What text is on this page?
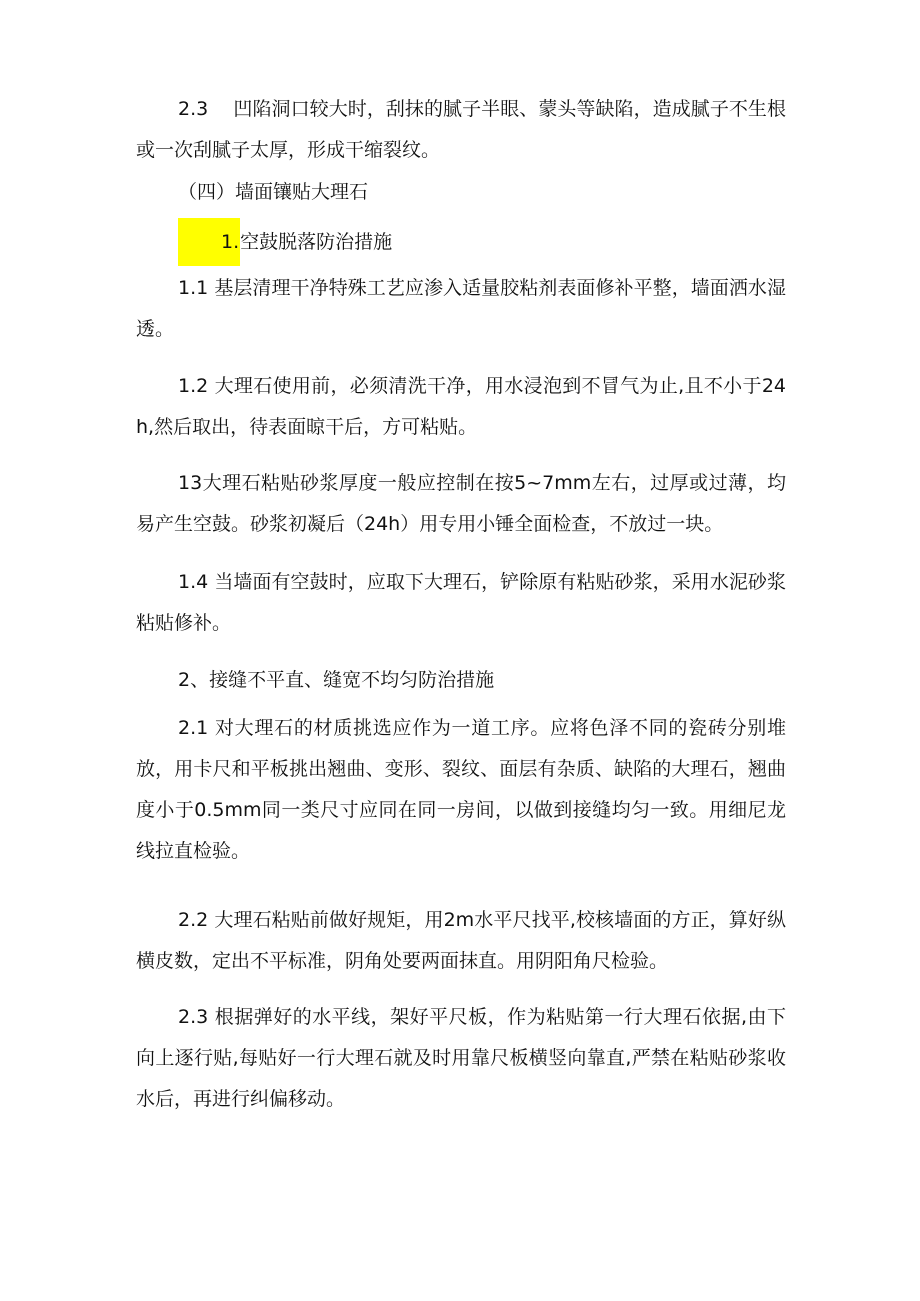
2.3　 凹陷洞口较大时，刮抹的腻子半眼、蒙头等缺陷，造成腻子不生根或一次刮腻子太厚，形成干缩裂纹。

（四）墙面镶贴大理石

1.空鼓脱落防治措施

1.1 基层清理干净特殊工艺应渗入适量胶粘剂表面修补平整，墙面洒水湿透。

1.2 大理石使用前，必须清洗干净，用水浸泡到不冒气为止,且不小于24h,然后取出，待表面晾干后，方可粘贴。

13大理石粘贴砂浆厚度一般应控制在按5~7mm左右，过厚或过薄，均易产生空鼓。砂浆初凝后（24h）用专用小锤全面检查，不放过一块。

1.4 当墙面有空鼓时，应取下大理石，铲除原有粘贴砂浆，采用水泥砂浆粘贴修补。

2、接缝不平直、缝宽不均匀防治措施

2.1 对大理石的材质挑选应作为一道工序。应将色泽不同的瓷砖分别堆放，用卡尺和平板挑出翘曲、变形、裂纹、面层有杂质、缺陷的大理石，翘曲度小于0.5mm同一类尺寸应同在同一房间，以做到接缝均匀一致。用细尼龙线拉直检验。

2.2 大理石粘贴前做好规矩，用2m水平尺找平,校核墙面的方正，算好纵横皮数，定出不平标准，阴角处要两面抹直。用阴阳角尺检验。

2.3 根据弹好的水平线，架好平尺板，作为粘贴第一行大理石依据,由下向上逐行贴,每贴好一行大理石就及时用靠尺板横竖向靠直,严禁在粘贴砂浆收水后，再进行纠偏移动。
